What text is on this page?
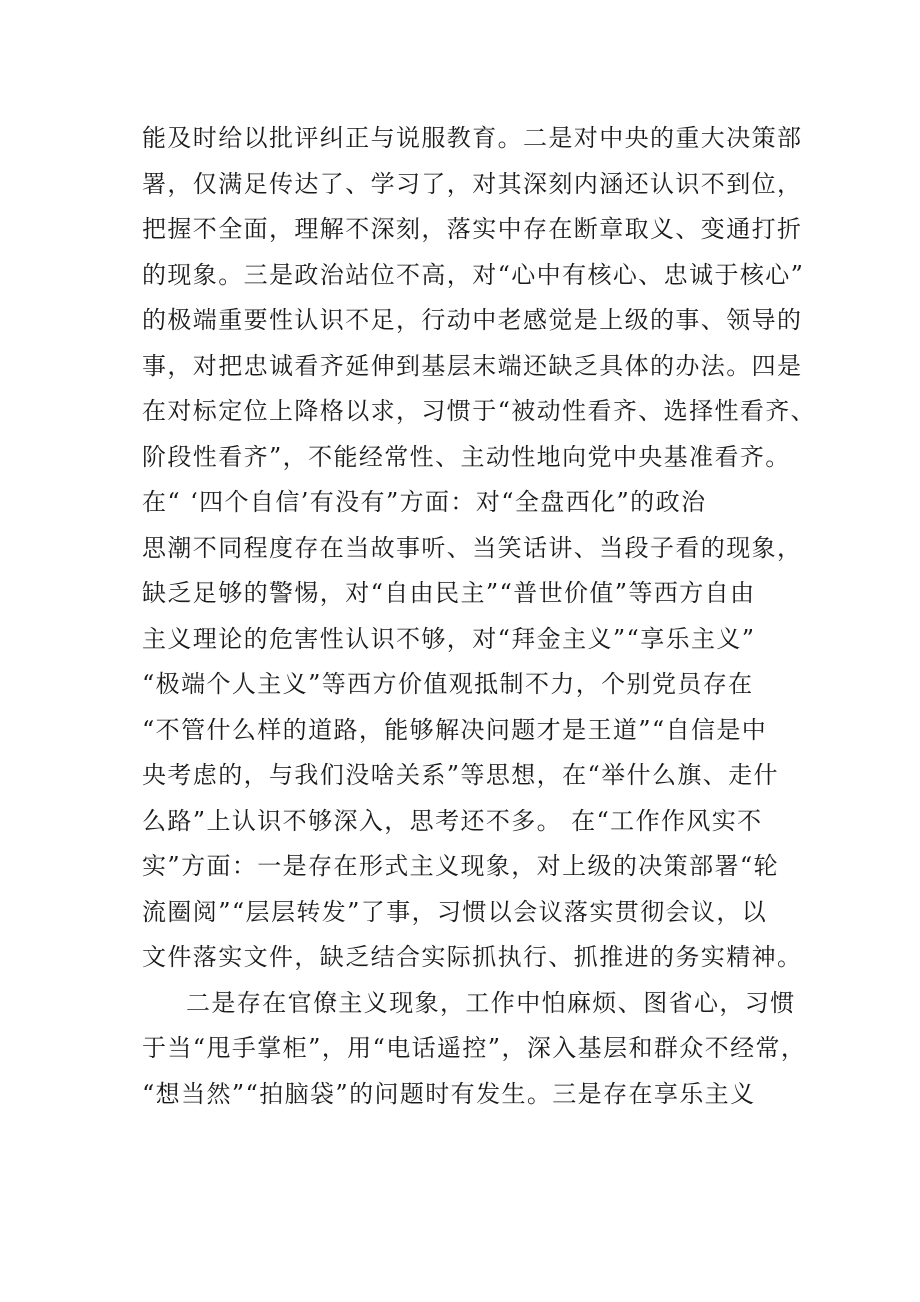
能及时给以批评纠正与说服教育。二是对中央的重大决策部
署，仅满足传达了、学习了，对其深刻内涵还认识不到位，
把握不全面，理解不深刻，落实中存在断章取义、变通打折
的现象。三是政治站位不高，对“心中有核心、忠诚于核心”
的极端重要性认识不足，行动中老感觉是上级的事、领导的
事，对把忠诚看齐延伸到基层末端还缺乏具体的办法。四是
在对标定位上降格以求，习惯于“被动性看齐、选择性看齐、
阶段性看齐”，不能经常性、主动性地向党中央基准看齐。
在“ ‘四个自信’有没有”方面：对“全盘西化”的政治
思潮不同程度存在当故事听、当笑话讲、当段子看的现象，
缺乏足够的警惕，对“自由民主”“普世价值”等西方自由
主义理论的危害性认识不够，对“拜金主义”“享乐主义”
“极端个人主义”等西方价值观抵制不力，个别党员存在
“不管什么样的道路，能够解决问题才是王道”“自信是中
央考虑的，与我们没啥关系”等思想，在“举什么旗、走什
么路”上认识不够深入，思考还不多。 在“工作作风实不
实”方面：一是存在形式主义现象，对上级的决策部署“轮
流圈阅”“层层转发”了事，习惯以会议落实贯彻会议，以
文件落实文件，缺乏结合实际抓执行、抓推进的务实精神。
二是存在官僚主义现象，工作中怕麻烦、图省心，习惯
于当“甩手掌柜”，用“电话遥控”，深入基层和群众不经常，
“想当然”“拍脑袋”的问题时有发生。三是存在享乐主义
